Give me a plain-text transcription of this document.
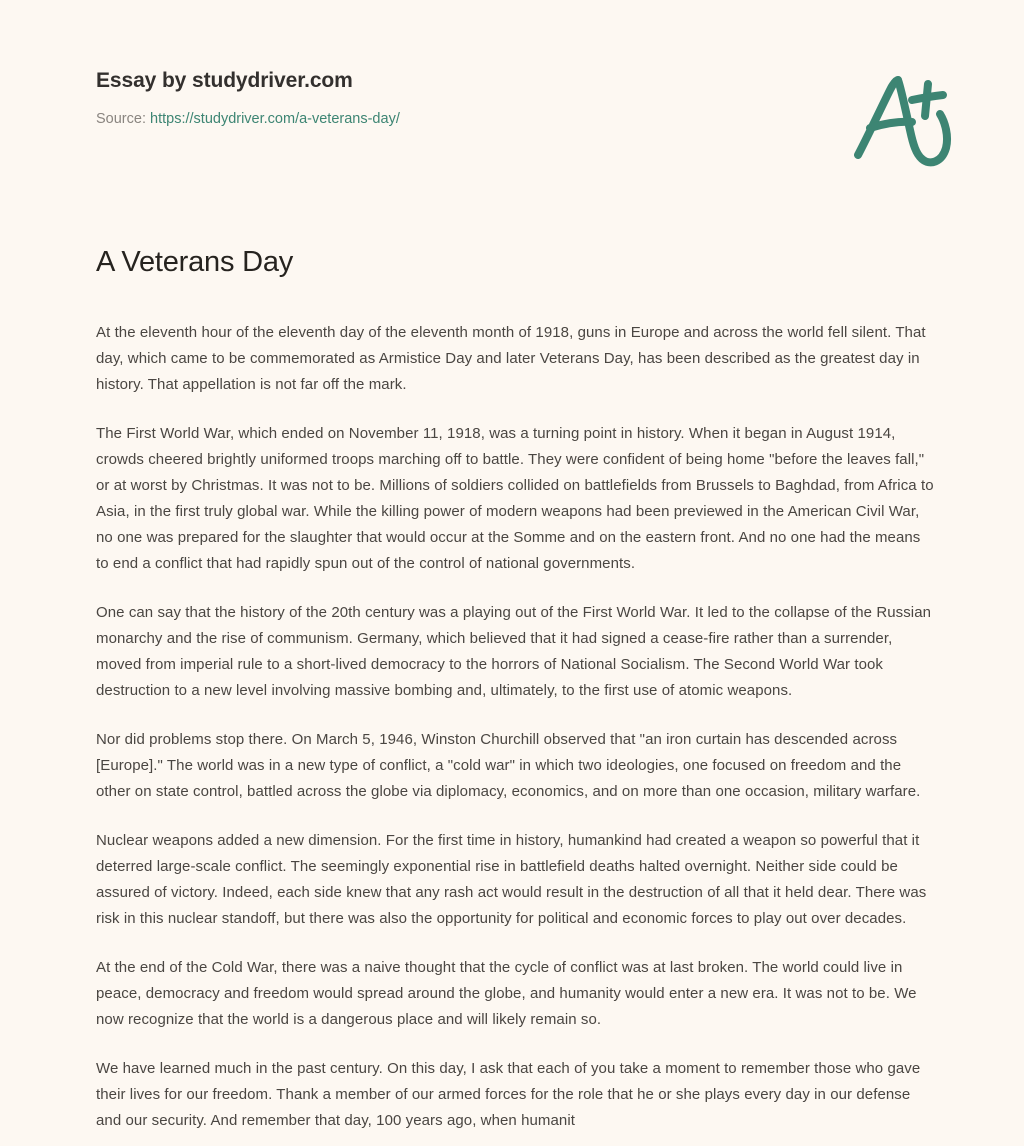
Essay by studydriver.com
Source: https://studydriver.com/a-veterans-day/
A Veterans Day

At the eleventh hour of the eleventh day of the eleventh month of 1918, guns in Europe and across the world fell silent. That day, which came to be commemorated as Armistice Day and later Veterans Day, has been described as the greatest day in history. That appellation is not far off the mark.

The First World War, which ended on November 11, 1918, was a turning point in history. When it began in August 1914, crowds cheered brightly uniformed troops marching off to battle. They were confident of being home "before the leaves fall," or at worst by Christmas. It was not to be. Millions of soldiers collided on battlefields from Brussels to Baghdad, from Africa to Asia, in the first truly global war. While the killing power of modern weapons had been previewed in the American Civil War, no one was prepared for the slaughter that would occur at the Somme and on the eastern front. And no one had the means to end a conflict that had rapidly spun out of the control of national governments.

One can say that the history of the 20th century was a playing out of the First World War. It led to the collapse of the Russian monarchy and the rise of communism. Germany, which believed that it had signed a cease-fire rather than a surrender, moved from imperial rule to a short-lived democracy to the horrors of National Socialism. The Second World War took destruction to a new level involving massive bombing and, ultimately, to the first use of atomic weapons.

Nor did problems stop there. On March 5, 1946, Winston Churchill observed that "an iron curtain has descended across [Europe]." The world was in a new type of conflict, a "cold war" in which two ideologies, one focused on freedom and the other on state control, battled across the globe via diplomacy, economics, and on more than one occasion, military warfare.

Nuclear weapons added a new dimension. For the first time in history, humankind had created a weapon so powerful that it deterred large-scale conflict. The seemingly exponential rise in battlefield deaths halted overnight. Neither side could be assured of victory. Indeed, each side knew that any rash act would result in the destruction of all that it held dear. There was risk in this nuclear standoff, but there was also the opportunity for political and economic forces to play out over decades.

At the end of the Cold War, there was a naive thought that the cycle of conflict was at last broken. The world could live in peace, democracy and freedom would spread around the globe, and humanity would enter a new era. It was not to be. We now recognize that the world is a dangerous place and will likely remain so.

We have learned much in the past century. On this day, I ask that each of you take a moment to remember those who gave their lives for our freedom. Thank a member of our armed forces for the role that he or she plays every day in our defense and our security. And remember that day, 100 years ago, when humanit
